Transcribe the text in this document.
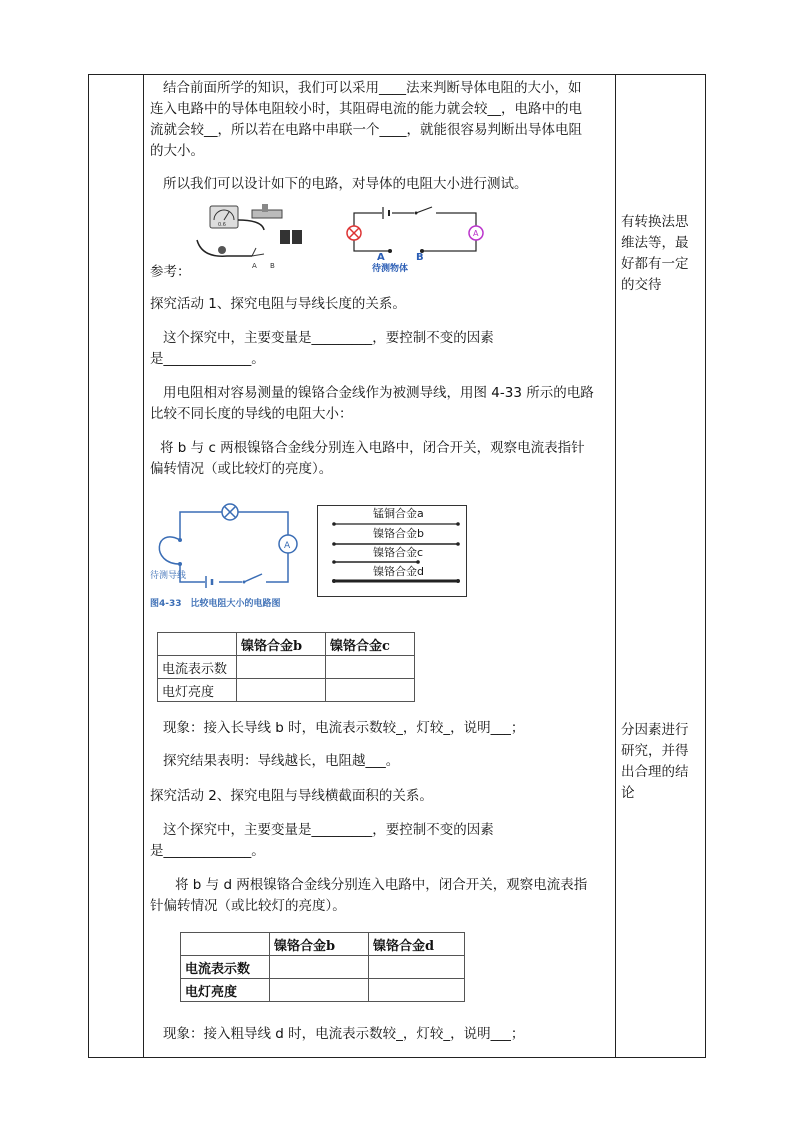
结合前面所学的知识，我们可以采用____法来判断导体电阻的大小，如
连入电路中的导体电阻较小时，其阻碍电流的能力就会较__，电路中的电
流就会较__，所以若在电路中串联一个____，就能很容易判断出导体电阻
的大小。
所以我们可以设计如下的电路，对导体的电阻大小进行测试。
参考：
0.6
A B
A
A	B
待测物体
探究活动 1、探究电阻与导线长度的关系。
这个探究中，主要变量是_________，要控制不变的因素
是_____________。
用电阻相对容易测量的镍铬合金线作为被测导线，用图 4-33 所示的电路
比较不同长度的导线的电阻大小：
将 b 与 c 两根镍铬合金线分别连入电路中，闭合开关，观察电流表指针
偏转情况（或比较灯的亮度）。
A
待测导线
图4-33　比较电阻大小的电路图
锰铜合金a
镍铬合金b
镍铬合金c
镍铬合金d
	镍铬合金b	镍铬合金c
电流表示数		
电灯亮度		
现象：接入长导线 b 时，电流表示数较_，灯较_，说明___；
探究结果表明：导线越长，电阻越___。
探究活动 2、探究电阻与导线横截面积的关系。
这个探究中，主要变量是_________，要控制不变的因素
是_____________。
将 b 与 d 两根镍铬合金线分别连入电路中，闭合开关，观察电流表指
针偏转情况（或比较灯的亮度）。
	镍铬合金b	镍铬合金d
电流表示数		
电灯亮度		
现象：接入粗导线 d 时，电流表示数较_，灯较_，说明___；
有转换法思维法等，最好都有一定的交待
分因素进行研究，并得出合理的结论
